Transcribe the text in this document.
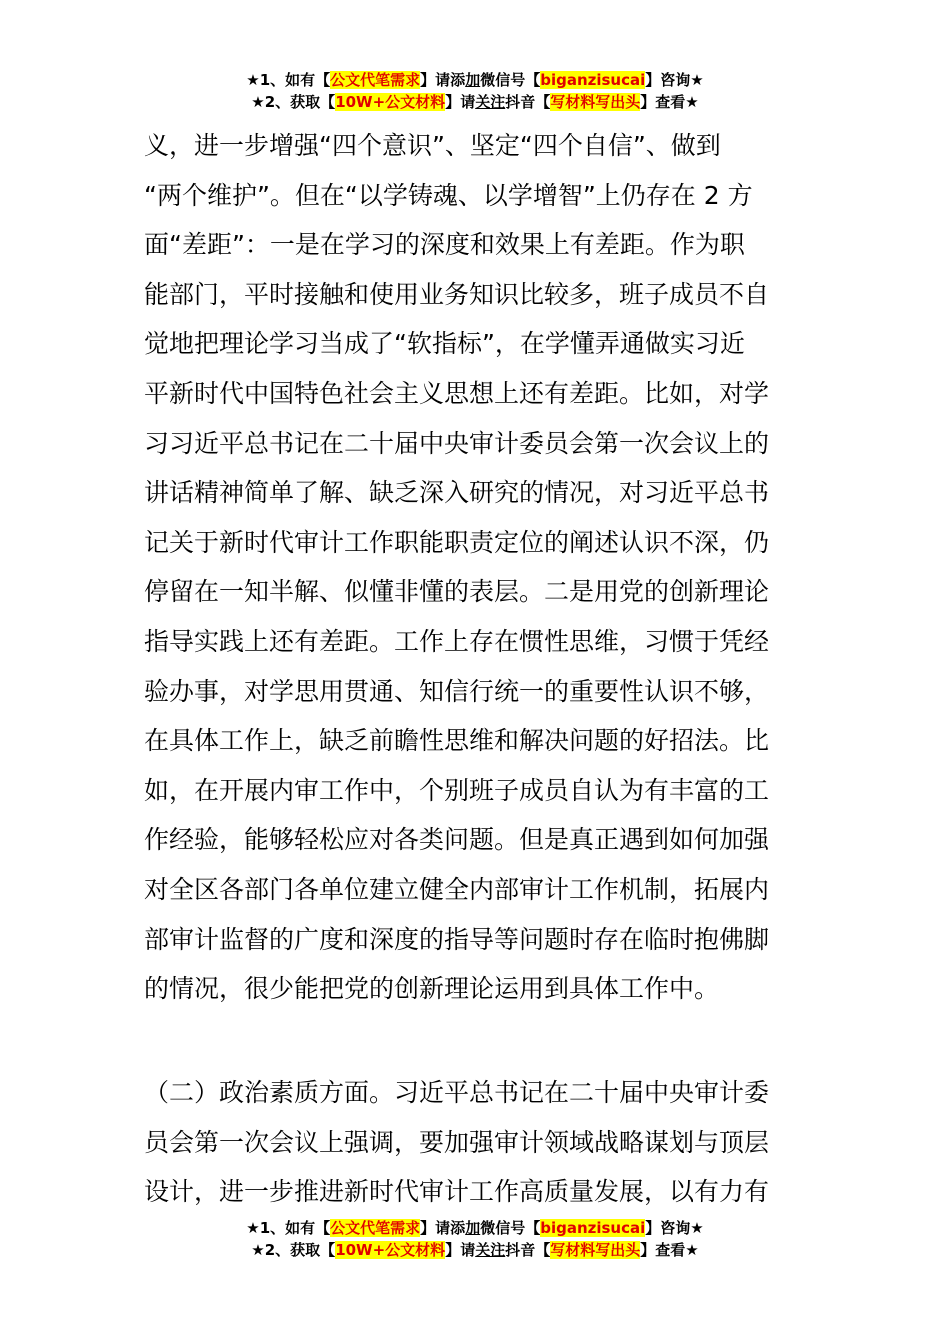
★1、如有【公文代笔需求】请添加微信号【biganzisucai】咨询★
★2、获取【10W+公文材料】请关注抖音【写材料写出头】查看★
义，进一步增强“四个意识”、坚定“四个自信”、做到
“两个维护”。但在“以学铸魂、以学增智”上仍存在 2 方
面“差距”：一是在学习的深度和效果上有差距。作为职
能部门，平时接触和使用业务知识比较多，班子成员不自
觉地把理论学习当成了“软指标”，在学懂弄通做实习近
平新时代中国特色社会主义思想上还有差距。比如，对学
习习近平总书记在二十届中央审计委员会第一次会议上的
讲话精神简单了解、缺乏深入研究的情况，对习近平总书
记关于新时代审计工作职能职责定位的阐述认识不深，仍
停留在一知半解、似懂非懂的表层。二是用党的创新理论
指导实践上还有差距。工作上存在惯性思维，习惯于凭经
验办事，对学思用贯通、知信行统一的重要性认识不够，
在具体工作上，缺乏前瞻性思维和解决问题的好招法。比
如，在开展内审工作中，个别班子成员自认为有丰富的工
作经验，能够轻松应对各类问题。但是真正遇到如何加强
对全区各部门各单位建立健全内部审计工作机制，拓展内
部审计监督的广度和深度的指导等问题时存在临时抱佛脚
的情况，很少能把党的创新理论运用到具体工作中。
（二）政治素质方面。习近平总书记在二十届中央审计委
员会第一次会议上强调，要加强审计领域战略谋划与顶层
设计，进一步推进新时代审计工作高质量发展，以有力有
★1、如有【公文代笔需求】请添加微信号【biganzisucai】咨询★
★2、获取【10W+公文材料】请关注抖音【写材料写出头】查看★
